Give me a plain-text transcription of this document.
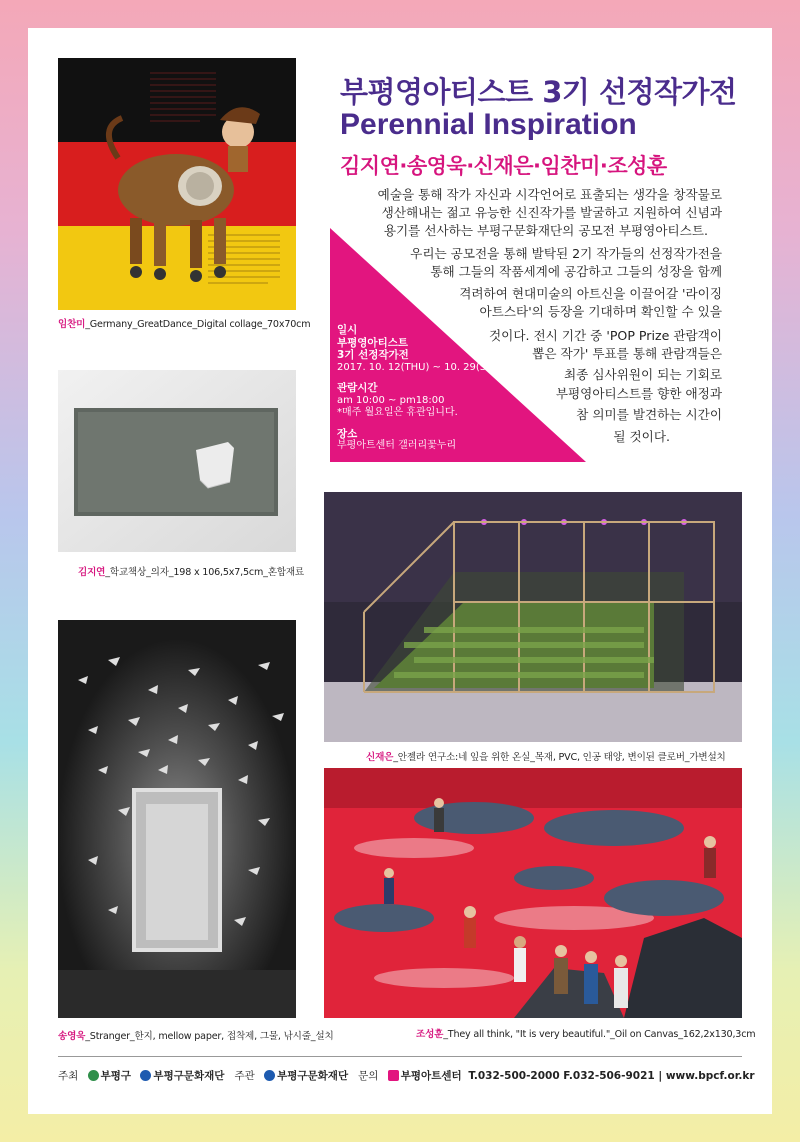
임찬미_Germany_GreatDance_Digital collage_70x70cm
김지연_학교책상_의자_198 x 106,5x7,5cm_혼합재료
송영욱_Stranger_한지, mellow paper, 접착제, 그물, 낚시줄_설치
부평영아티스트 3기 선정작가전
Perennial Inspiration
김지연·송영욱·신재은·임찬미·조성훈
일시
부평영아티스트
3기 선정작가전
2017. 10. 12(THU) ~ 10. 29(SUN)
관람시간
am 10:00 ~ pm18:00
*매주 월요일은 휴관입니다.
장소
부평아트센터 갤러리꽃누리
예술을 통해 작가 자신과 시각언어로 표출되는 생각을 창작물로
생산해내는 젊고 유능한 신진작가를 발굴하고 지원하여 신념과
용기를 선사하는 부평구문화재단의 공모전 부평영아티스트.
우리는 공모전을 통해 발탁된 2기 작가들의 선정작가전을
통해 그들의 작품세계에 공감하고 그들의 성장을 함께
격려하여 현대미술의 아트신을 이끌어갈 '라이징
아트스타'의 등장을 기대하며 확인할 수 있을
것이다. 전시 기간 중 'POP Prize 관람객이
뽑은 작가' 투표를 통해 관람객들은
최종 심사위원이 되는 기회로
부평영아티스트를 향한 애정과
참 의미를 발견하는 시간이
될 것이다.
신재은_안젤라 연구소:네 잎을 위한 온실_목재, PVC, 인공 태양, 변이된 클로버_가변설치
조성훈_They all think, "It is very beautiful."_Oil on Canvas_162,2x130,3cm
주최 부평구 부평구문화재단 주관 부평구문화재단 문의 부평아트센터 T.032-500-2000 F.032-506-9021 | www.bpcf.or.kr
